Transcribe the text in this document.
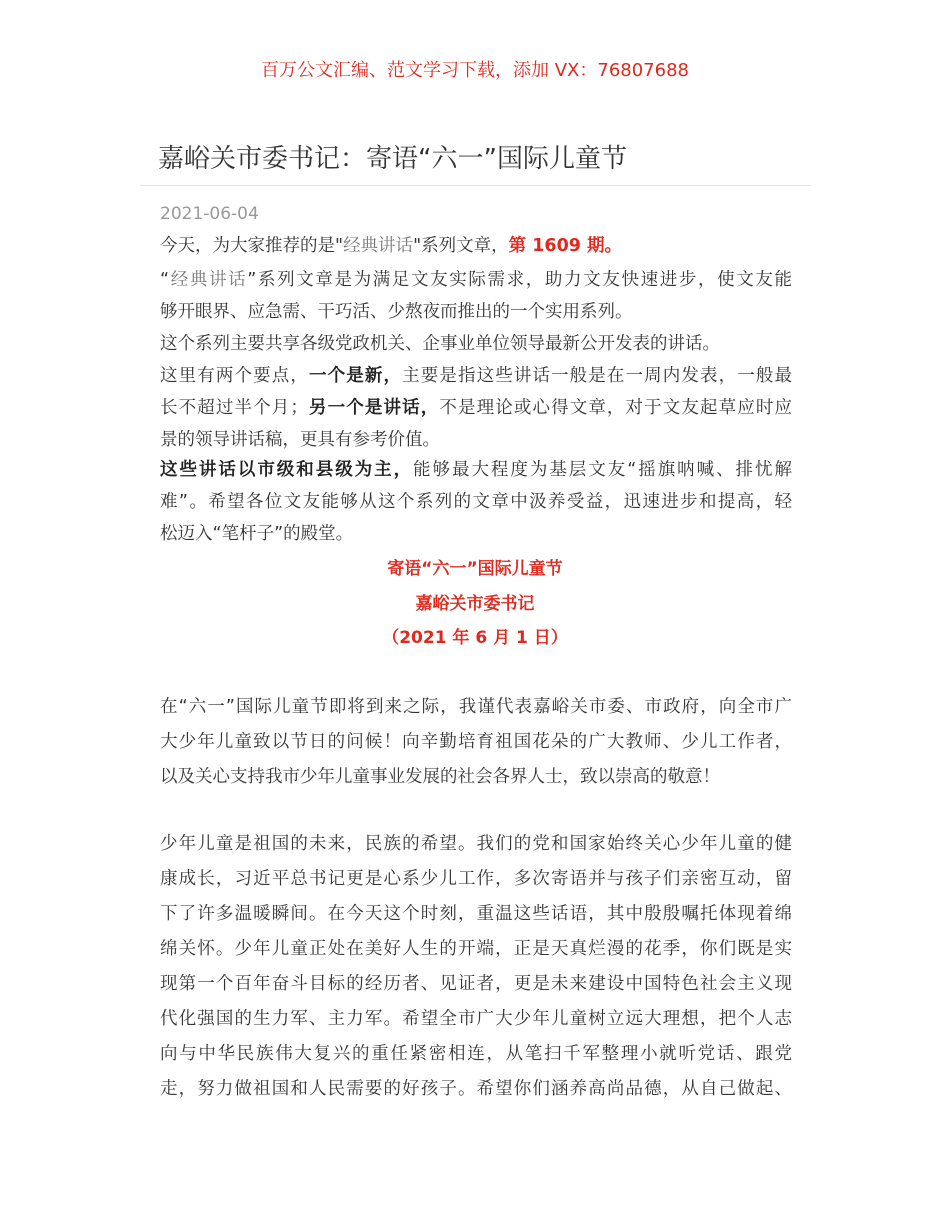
百万公文汇编、范文学习下载，添加 VX：76807688
嘉峪关市委书记：寄语“六一”国际儿童节
2021-06-04
今天，为大家推荐的是"经典讲话"系列文章，第 1609 期。
“经典讲话”系列文章是为满足文友实际需求，助力文友快速进步，使文友能
够开眼界、应急需、干巧活、少熬夜而推出的一个实用系列。
这个系列主要共享各级党政机关、企事业单位领导最新公开发表的讲话。
这里有两个要点，一个是新，主要是指这些讲话一般是在一周内发表，一般最
长不超过半个月；另一个是讲话，不是理论或心得文章，对于文友起草应时应
景的领导讲话稿，更具有参考价值。
这些讲话以市级和县级为主，能够最大程度为基层文友“摇旗呐喊、排忧解
难”。希望各位文友能够从这个系列的文章中汲养受益，迅速进步和提高，轻
松迈入“笔杆子”的殿堂。
寄语“六一”国际儿童节
嘉峪关市委书记
（2021 年 6 月 1 日）
在“六一”国际儿童节即将到来之际，我谨代表嘉峪关市委、市政府，向全市广
大少年儿童致以节日的问候！向辛勤培育祖国花朵的广大教师、少儿工作者，
以及关心支持我市少年儿童事业发展的社会各界人士，致以崇高的敬意！
少年儿童是祖国的未来，民族的希望。我们的党和国家始终关心少年儿童的健
康成长，习近平总书记更是心系少儿工作，多次寄语并与孩子们亲密互动，留
下了许多温暖瞬间。在今天这个时刻，重温这些话语，其中殷殷嘱托体现着绵
绵关怀。少年儿童正处在美好人生的开端，正是天真烂漫的花季，你们既是实
现第一个百年奋斗目标的经历者、见证者，更是未来建设中国特色社会主义现
代化强国的生力军、主力军。希望全市广大少年儿童树立远大理想，把个人志
向与中华民族伟大复兴的重任紧密相连，从笔扫千军整理小就听党话、跟党
走，努力做祖国和人民需要的好孩子。希望你们涵养高尚品德，从自己做起、
